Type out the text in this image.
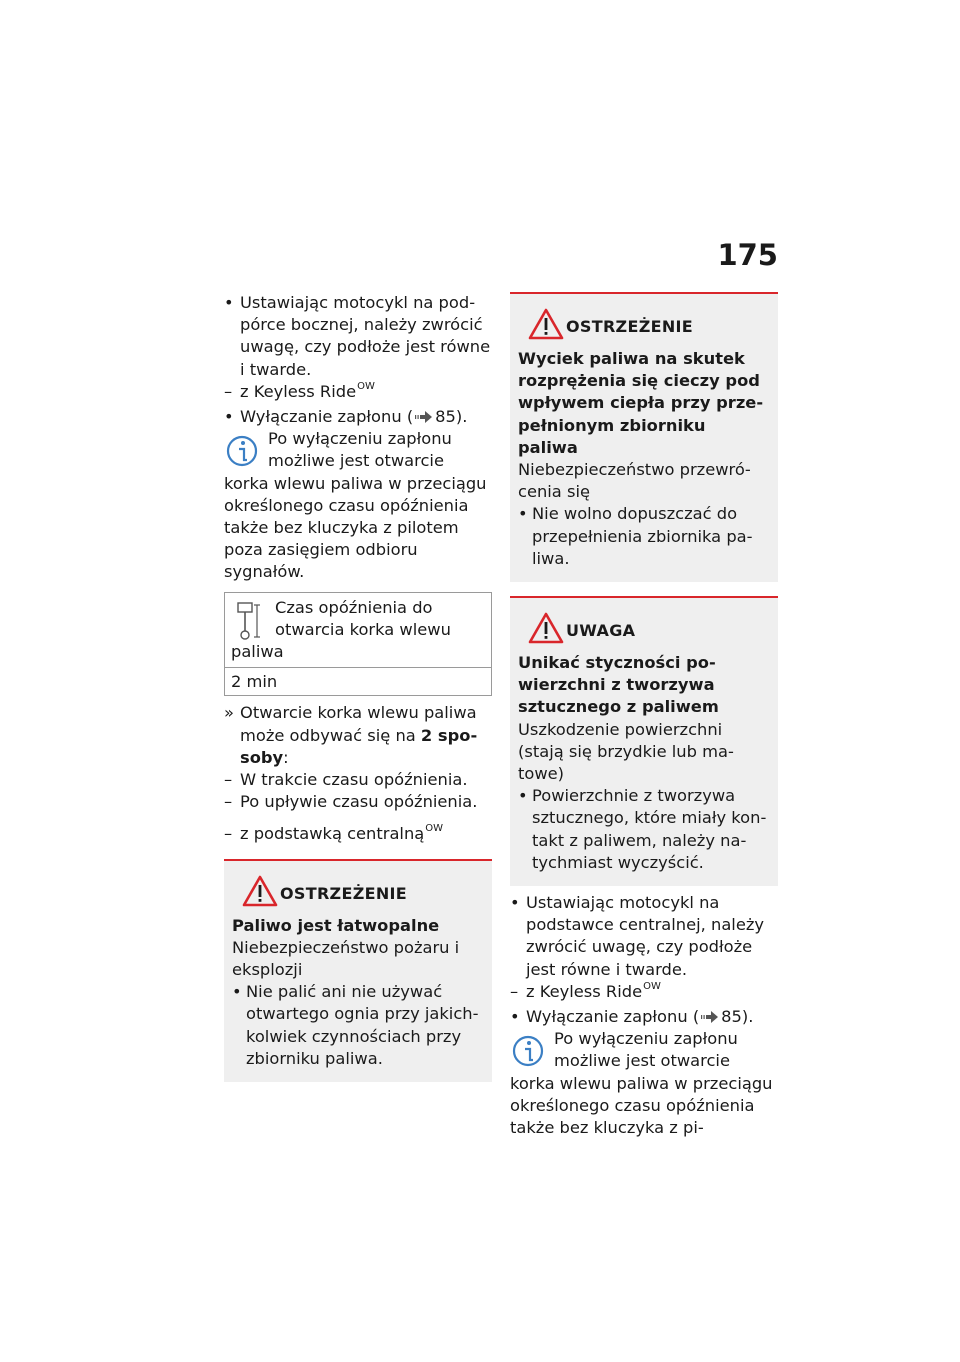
175

• Ustawiając motocykl na podpórce bocznej, należy zwrócić uwagę, czy podłoże jest równe i twarde.

– z Keyless Ride$^{OW}$

• Wyłączanie zapłonu ( 85).

Po wyłączeniu zapłonu możliwe jest otwarcie

korka wlewu paliwa w przeciągu określonego czasu opóźnienia także bez kluczyka z pilotem poza zasięgiem odbioru sygnałów.

Czas opóźnienia do otwarcia korka wlewu

paliwa

2 min

» Otwarcie korka wlewu paliwa może odbywać się na 2 sposoby:

– W trakcie czasu opóźnienia.

– Po upływie czasu opóźnienia.

– z podstawką centralną$^{OW}$

OSTRZEŻENIE

Paliwo jest łatwopalne

Niebezpieczeństwo pożaru i eksplozji

• Nie palić ani nie używać otwartego ognia przy jakichkolwiek czynnościach przy zbiorniku paliwa.

OSTRZEŻENIE

Wyciek paliwa na skutek rozprężenia się cieczy pod wpływem ciepła przy przepełnionym zbiorniku paliwa

Niebezpieczeństwo przewrócenia się

• Nie wolno dopuszczać do przepełnienia zbiornika paliwa.

UWAGA

Unikać styczności powierzchni z tworzywa sztucznego z paliwem

Uszkodzenie powierzchni (stają się brzydkie lub matowe)

• Powierzchnie z tworzywa sztucznego, które miały kontakt z paliwem, należy natychmiast wyczyścić.

• Ustawiając motocykl na podstawce centralnej, należy zwrócić uwagę, czy podłoże jest równe i twarde.

– z Keyless Ride$^{OW}$

• Wyłączanie zapłonu ( 85).

Po wyłączeniu zapłonu możliwe jest otwarcie

korka wlewu paliwa w przeciągu określonego czasu opóźnienia także bez kluczyka z pi-
